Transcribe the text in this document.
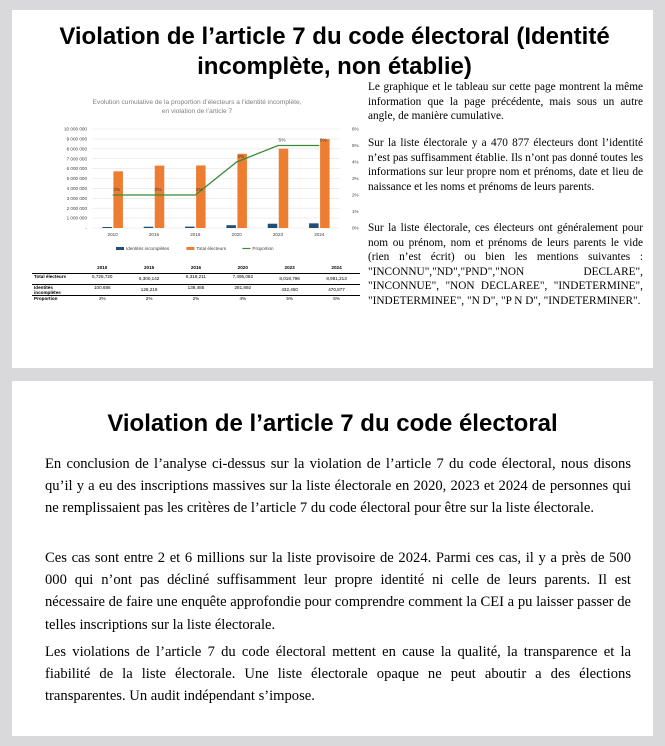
Violation de l’article 7 du code électoral (Identité incomplète, non établie)
Evolution cumulative de la proportion d’électeurs a l’identité incomplète,
en violation de l’article 7
-
1 000 000
2 000 000
3 000 000
4 000 000
5 000 000
6 000 000
7 000 000
8 000 000
9 000 000
10 000 000
0%
1%
2%
3%
4%
5%
6%
2010	2015	2016	2020	2023	2024
2%	2%	2%
4%
5%	5%
Identités incomplètes	Total électeurs	Proportion
	2010	2015	2016	2020	2023	2024
Total électeurs	5,725,720	6,300,142	6,318,211	7,495,082	8,018,796	8,981,213

Identités incomplètes	100,686	128,219	139,485	281,892	432,450	470,877

Proportion	2%	2%	2%	4%	5%	5%

Le graphique et le tableau sur cette page montrent la même information que la page précédente, mais sous un autre angle, de manière cumulative.

Sur la liste électorale y a 470 877 électeurs dont l’identité n’est pas suffisamment établie. Ils n’ont pas donné toutes les informations sur leur propre nom et prénoms, date et lieu de naissance et les noms et prénoms de leurs parents.

Sur la liste électorale, ces électeurs ont généralement pour nom ou prénom, nom et prénoms de leurs parents le vide (rien n’est écrit) ou bien les mentions suivantes : "INCONNU","ND","PND","NON DECLARE", "INCONNUE", "NON DECLAREE", "INDETERMINE", "INDETERMINEE", "N D", "P N D", "INDETERMINER".

Violation de l’article 7 du code électoral

En conclusion de l’analyse ci-dessus sur la violation de l’article 7 du code électoral, nous disons qu’il y a eu des inscriptions massives sur la liste électorale en 2020, 2023 et 2024 de personnes qui ne remplissaient pas les critères de l’article 7 du code électoral pour être sur la liste électorale.

Ces cas sont entre 2 et 6 millions sur la liste provisoire de 2024. Parmi ces cas, il y a près de 500 000 qui n’ont pas décliné suffisamment leur propre identité ni celle de leurs parents. Il est nécessaire de faire une enquête approfondie pour comprendre comment la CEI a pu laisser passer de telles inscriptions sur la liste électorale.

Les violations de l’article 7 du code électoral mettent en cause la qualité, la transparence et la fiabilité de la liste électorale. Une liste électorale opaque ne peut aboutir a des élections transparentes. Un audit indépendant s’impose.
